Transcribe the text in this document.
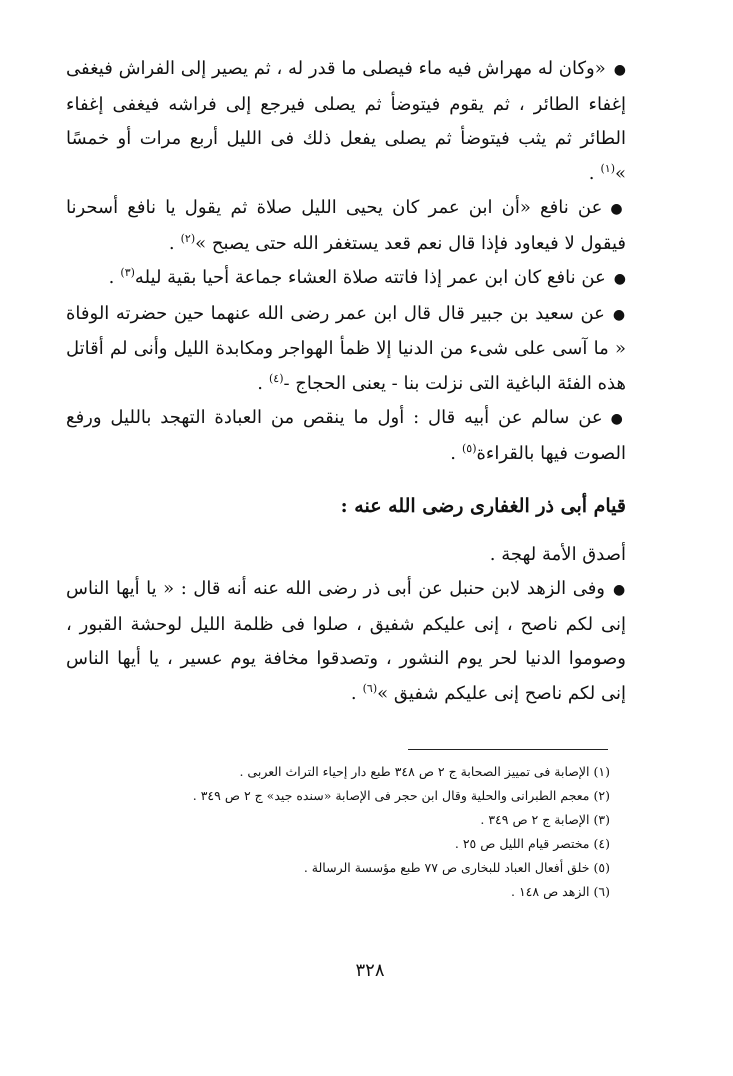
●«وكان له مهراش فيه ماء فيصلى ما قدر له ، ثم يصير إلى الفراش فيغفى إغفاء الطائر ، ثم يقوم فيتوضأ ثم يصلى فيرجع إلى فراشه فيغفى إغفاء الطائر ثم يثب فيتوضأ ثم يصلى يفعل ذلك فى الليل أربع مرات أو خمسًا »$^{(١)}$.

●عن نافع «أن ابن عمر كان يحيى الليل صلاة ثم يقول يا نافع أسحرنا فيقول لا فيعاود فإذا قال نعم قعد يستغفر الله حتى يصبح »$^{(٢)}$.

●عن نافع كان ابن عمر إذا فاتته صلاة العشاء جماعة أحيا بقية ليله$^{(٣)}$.

●عن سعيد بن جبير قال قال ابن عمر رضى الله عنهما حين حضرته الوفاة « ما آسى على شىء من الدنيا إلا ظمأ الهواجر ومكابدة الليل وأنى لم أقاتل هذه الفئة الباغية التى نزلت بنا - يعنى الحجاج -$^{(٤)}$.

●عن سالم عن أبيه قال : أول ما ينقص من العبادة التهجد بالليل ورفع الصوت فيها بالقراءة$^{(٥)}$.

قيام أبى ذر الغفارى رضى الله عنه :

أصدق الأمة لهجة .

●وفى الزهد لابن حنبل عن أبى ذر رضى الله عنه أنه قال : « يا أيها الناس إنى لكم ناصح ، إنى عليكم شفيق ، صلوا فى ظلمة الليل لوحشة القبور ، وصوموا الدنيا لحر يوم النشور ، وتصدقوا مخافة يوم عسير ، يا أيها الناس إنى لكم ناصح إنى عليكم شفيق »$^{(٦)}$.

(١)الإصابة فى تمييز الصحابة ج ٢ ص ٣٤٨ طبع دار إحياء التراث العربى .

(٢)معجم الطبرانى والحلية وقال ابن حجر فى الإصابة «سنده جيد» ج ٢ ص ٣٤٩ .

(٣)الإصابة ج ٢ ص ٣٤٩ .

(٤)مختصر قيام الليل ص ٢٥ .

(٥)خلق أفعال العباد للبخارى ص ٧٧ طبع مؤسسة الرسالة .

(٦)الزهد ص ١٤٨ .

٣٢٨
